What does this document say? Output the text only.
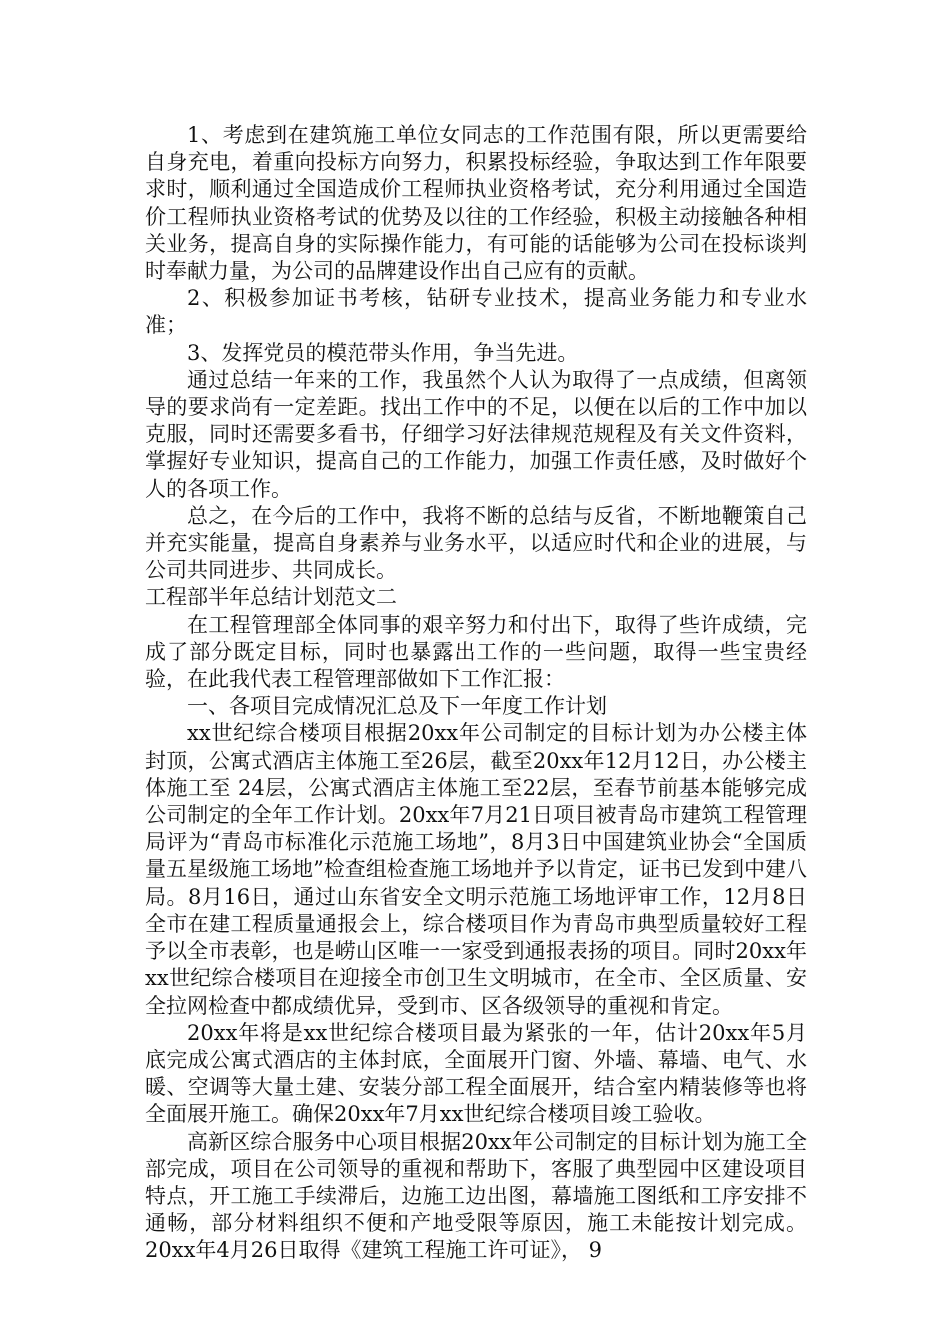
1、考虑到在建筑施工单位女同志的工作范围有限，所以更需要给自身充电，着重向投标方向努力，积累投标经验，争取达到工作年限要求时，顺利通过全国造成价工程师执业资格考试，充分利用通过全国造价工程师执业资格考试的优势及以往的工作经验，积极主动接触各种相关业务，提高自身的实际操作能力，有可能的话能够为公司在投标谈判时奉献力量，为公司的品牌建设作出自己应有的贡献。

2、积极参加证书考核，钻研专业技术，提高业务能力和专业水准；

3、发挥党员的模范带头作用，争当先进。

通过总结一年来的工作，我虽然个人认为取得了一点成绩，但离领导的要求尚有一定差距。找出工作中的不足，以便在以后的工作中加以克服，同时还需要多看书，仔细学习好法律规范规程及有关文件资料，掌握好专业知识，提高自己的工作能力，加强工作责任感，及时做好个人的各项工作。

总之，在今后的工作中，我将不断的总结与反省，不断地鞭策自己并充实能量，提高自身素养与业务水平，以适应时代和企业的进展，与公司共同进步、共同成长。

工程部半年总结计划范文二

在工程管理部全体同事的艰辛努力和付出下，取得了些许成绩，完成了部分既定目标，同时也暴露出工作的一些问题，取得一些宝贵经验，在此我代表工程管理部做如下工作汇报：

一、各项目完成情况汇总及下一年度工作计划

xx世纪综合楼项目根据20xx年公司制定的目标计划为办公楼主体封顶，公寓式酒店主体施工至26层，截至20xx年12月12日，办公楼主体施工至 24层，公寓式酒店主体施工至22层，至春节前基本能够完成公司制定的全年工作计划。20xx年7月21日项目被青岛市建筑工程管理局评为“青岛市标准化示范施工场地”，8月3日中国建筑业协会“全国质量五星级施工场地”检查组检查施工场地并予以肯定，证书已发到中建八局。8月16日，通过山东省安全文明示范施工场地评审工作，12月8日全市在建工程质量通报会上，综合楼项目作为青岛市典型质量较好工程予以全市表彰，也是崂山区唯一一家受到通报表扬的项目。同时20xx年 xx世纪综合楼项目在迎接全市创卫生文明城市，在全市、全区质量、安全拉网检查中都成绩优异，受到市、区各级领导的重视和肯定。

20xx年将是xx世纪综合楼项目最为紧张的一年，估计20xx年5月底完成公寓式酒店的主体封底，全面展开门窗、外墙、幕墙、电气、水暖、空调等大量土建、安装分部工程全面展开，结合室内精装修等也将全面展开施工。确保20xx年7月xx世纪综合楼项目竣工验收。

高新区综合服务中心项目根据20xx年公司制定的目标计划为施工全部完成，项目在公司领导的重视和帮助下，客服了典型园中区建设项目特点，开工施工手续滞后，边施工边出图，幕墙施工图纸和工序安排不通畅，部分材料组织不便和产地受限等原因，施工未能按计划完成。20xx年4月26日取得《建筑工程施工许可证》， 9
